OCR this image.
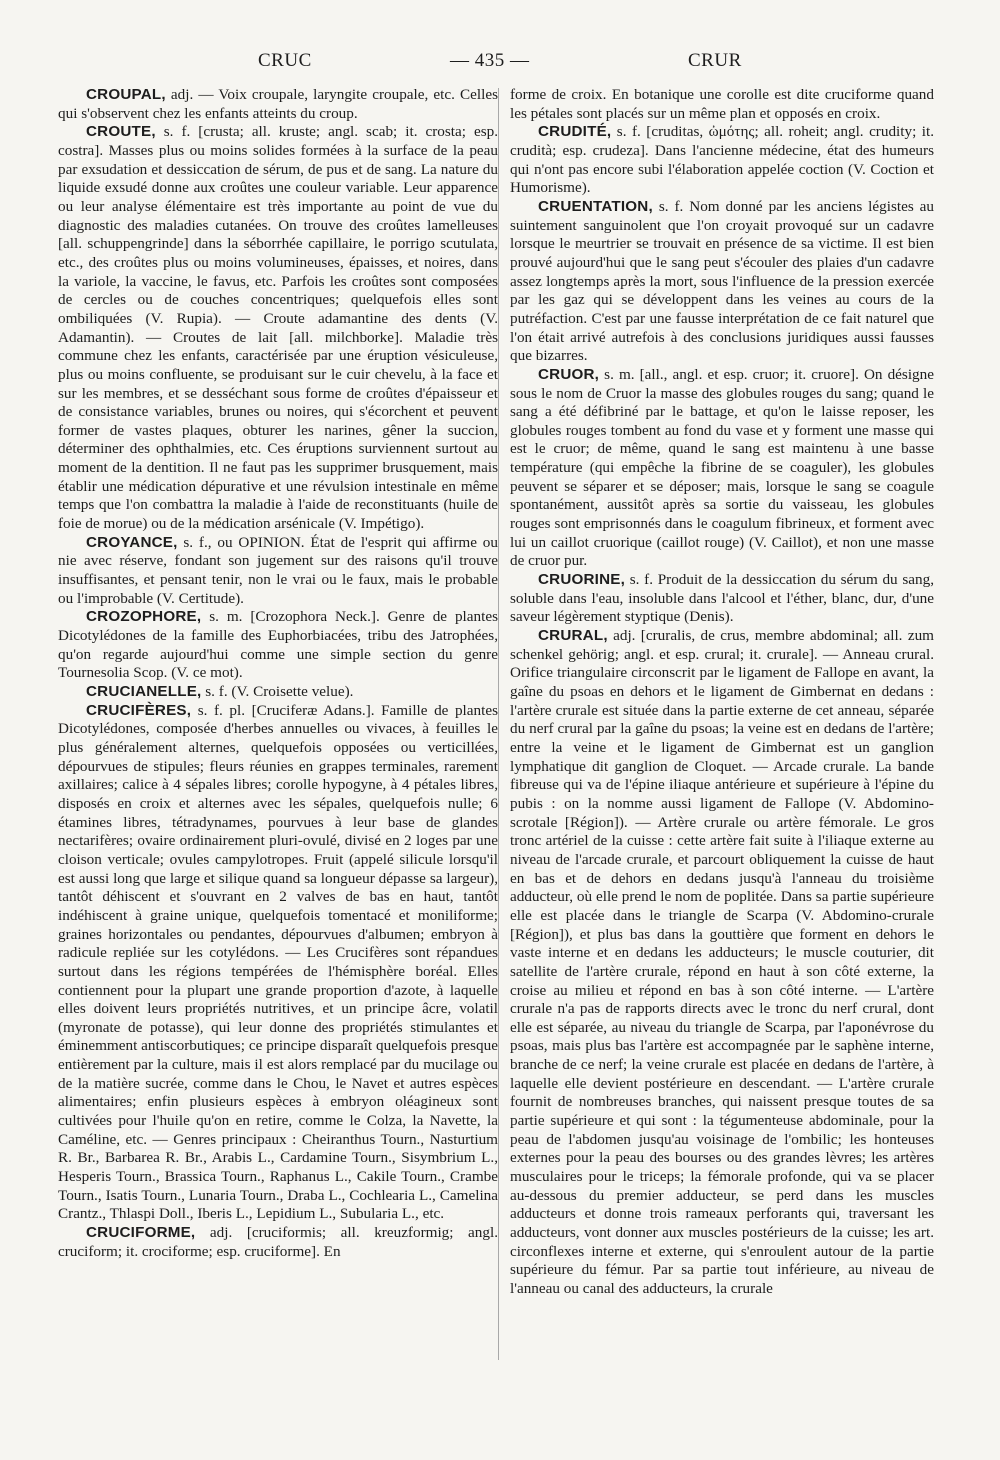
CRUC	— 435 —	CRUR

CROUPAL, adj. — Voix croupale, laryngite croupale, etc. Celles qui s'observent chez les enfants atteints du croup.

CROUTE, s. f. [crusta; all. kruste; angl. scab; it. crosta; esp. costra]. Masses plus ou moins solides formées à la surface de la peau par exsudation et dessiccation de sérum, de pus et de sang. La nature du liquide exsudé donne aux croûtes une couleur variable. Leur apparence ou leur analyse élémentaire est très importante au point de vue du diagnostic des maladies cutanées. On trouve des croûtes lamelleuses [all. schuppengrinde] dans la séborrhée capillaire, le porrigo scutulata, etc., des croûtes plus ou moins volumineuses, épaisses, et noires, dans la variole, la vaccine, le favus, etc. Parfois les croûtes sont composées de cercles ou de couches concentriques; quelquefois elles sont ombiliquées (V. Rupia). — Croute adamantine des dents (V. Adamantin). — Croutes de lait [all. milchborke]. Maladie très commune chez les enfants, caractérisée par une éruption vésiculeuse, plus ou moins confluente, se produisant sur le cuir chevelu, à la face et sur les membres, et se desséchant sous forme de croûtes d'épaisseur et de consistance variables, brunes ou noires, qui s'écorchent et peuvent former de vastes plaques, obturer les narines, gêner la succion, déterminer des ophthalmies, etc. Ces éruptions surviennent surtout au moment de la dentition. Il ne faut pas les supprimer brusquement, mais établir une médication dépurative et une révulsion intestinale en même temps que l'on combattra la maladie à l'aide de reconstituants (huile de foie de morue) ou de la médication arsénicale (V. Impétigo).

CROYANCE, s. f., ou OPINION. État de l'esprit qui affirme ou nie avec réserve, fondant son jugement sur des raisons qu'il trouve insuffisantes, et pensant tenir, non le vrai ou le faux, mais le probable ou l'improbable (V. Certitude).

CROZOPHORE, s. m. [Crozophora Neck.]. Genre de plantes Dicotylédones de la famille des Euphorbiacées, tribu des Jatrophées, qu'on regarde aujourd'hui comme une simple section du genre Tournesolia Scop. (V. ce mot).

CRUCIANELLE, s. f. (V. Croisette velue).

CRUCIFÈRES, s. f. pl. [Cruciferæ Adans.]. Famille de plantes Dicotylédones, composée d'herbes annuelles ou vivaces, à feuilles le plus généralement alternes, quelquefois opposées ou verticillées, dépourvues de stipules; fleurs réunies en grappes terminales, rarement axillaires; calice à 4 sépales libres; corolle hypogyne, à 4 pétales libres, disposés en croix et alternes avec les sépales, quelquefois nulle; 6 étamines libres, tétradynames, pourvues à leur base de glandes nectarifères; ovaire ordinairement pluri-ovulé, divisé en 2 loges par une cloison verticale; ovules campylotropes. Fruit (appelé silicule lorsqu'il est aussi long que large et silique quand sa longueur dépasse sa largeur), tantôt déhiscent et s'ouvrant en 2 valves de bas en haut, tantôt indéhiscent à graine unique, quelquefois tomentacé et moniliforme; graines horizontales ou pendantes, dépourvues d'albumen; embryon à radicule repliée sur les cotylédons. — Les Crucifères sont répandues surtout dans les régions tempérées de l'hémisphère boréal. Elles contiennent pour la plupart une grande proportion d'azote, à laquelle elles doivent leurs propriétés nutritives, et un principe âcre, volatil (myronate de potasse), qui leur donne des propriétés stimulantes et éminemment antiscorbutiques; ce principe disparaît quelquefois presque entièrement par la culture, mais il est alors remplacé par du mucilage ou de la matière sucrée, comme dans le Chou, le Navet et autres espèces alimentaires; enfin plusieurs espèces à embryon oléagineux sont cultivées pour l'huile qu'on en retire, comme le Colza, la Navette, la Caméline, etc. — Genres principaux : Cheiranthus Tourn., Nasturtium R. Br., Barbarea R. Br., Arabis L., Cardamine Tourn., Sisymbrium L., Hesperis Tourn., Brassica Tourn., Raphanus L., Cakile Tourn., Crambe Tourn., Isatis Tourn., Lunaria Tourn., Draba L., Cochlearia L., Camelina Crantz., Thlaspi Doll., Iberis L., Lepidium L., Subularia L., etc.

CRUCIFORME, adj. [cruciformis; all. kreuzformig; angl. cruciform; it. crociforme; esp. cruciforme]. En

forme de croix. En botanique une corolle est dite cruciforme quand les pétales sont placés sur un même plan et opposés en croix.

CRUDITÉ, s. f. [cruditas, ὠμότης; all. roheit; angl. crudity; it. crudità; esp. crudeza]. Dans l'ancienne médecine, état des humeurs qui n'ont pas encore subi l'élaboration appelée coction (V. Coction et Humorisme).

CRUENTATION, s. f. Nom donné par les anciens légistes au suintement sanguinolent que l'on croyait provoqué sur un cadavre lorsque le meurtrier se trouvait en présence de sa victime. Il est bien prouvé aujourd'hui que le sang peut s'écouler des plaies d'un cadavre assez longtemps après la mort, sous l'influence de la pression exercée par les gaz qui se développent dans les veines au cours de la putréfaction. C'est par une fausse interprétation de ce fait naturel que l'on était arrivé autrefois à des conclusions juridiques aussi fausses que bizarres.

CRUOR, s. m. [all., angl. et esp. cruor; it. cruore]. On désigne sous le nom de Cruor la masse des globules rouges du sang; quand le sang a été défibriné par le battage, et qu'on le laisse reposer, les globules rouges tombent au fond du vase et y forment une masse qui est le cruor; de même, quand le sang est maintenu à une basse température (qui empêche la fibrine de se coaguler), les globules peuvent se séparer et se déposer; mais, lorsque le sang se coagule spontanément, aussitôt après sa sortie du vaisseau, les globules rouges sont emprisonnés dans le coagulum fibrineux, et forment avec lui un caillot cruorique (caillot rouge) (V. Caillot), et non une masse de cruor pur.

CRUORINE, s. f. Produit de la dessiccation du sérum du sang, soluble dans l'eau, insoluble dans l'alcool et l'éther, blanc, dur, d'une saveur légèrement styptique (Denis).

CRURAL, adj. [cruralis, de crus, membre abdominal; all. zum schenkel gehörig; angl. et esp. crural; it. crurale]. — Anneau crural. Orifice triangulaire circonscrit par le ligament de Fallope en avant, la gaîne du psoas en dehors et le ligament de Gimbernat en dedans : l'artère crurale est située dans la partie externe de cet anneau, séparée du nerf crural par la gaîne du psoas; la veine est en dedans de l'artère; entre la veine et le ligament de Gimbernat est un ganglion lymphatique dit ganglion de Cloquet. — Arcade crurale. La bande fibreuse qui va de l'épine iliaque antérieure et supérieure à l'épine du pubis : on la nomme aussi ligament de Fallope (V. Abdomino-scrotale [Région]). — Artère crurale ou artère fémorale. Le gros tronc artériel de la cuisse : cette artère fait suite à l'iliaque externe au niveau de l'arcade crurale, et parcourt obliquement la cuisse de haut en bas et de dehors en dedans jusqu'à l'anneau du troisième adducteur, où elle prend le nom de poplitée. Dans sa partie supérieure elle est placée dans le triangle de Scarpa (V. Abdomino-crurale [Région]), et plus bas dans la gouttière que forment en dehors le vaste interne et en dedans les adducteurs; le muscle couturier, dit satellite de l'artère crurale, répond en haut à son côté externe, la croise au milieu et répond en bas à son côté interne. — L'artère crurale n'a pas de rapports directs avec le tronc du nerf crural, dont elle est séparée, au niveau du triangle de Scarpa, par l'aponévrose du psoas, mais plus bas l'artère est accompagnée par le saphène interne, branche de ce nerf; la veine crurale est placée en dedans de l'artère, à laquelle elle devient postérieure en descendant. — L'artère crurale fournit de nombreuses branches, qui naissent presque toutes de sa partie supérieure et qui sont : la tégumenteuse abdominale, pour la peau de l'abdomen jusqu'au voisinage de l'ombilic; les honteuses externes pour la peau des bourses ou des grandes lèvres; les artères musculaires pour le triceps; la fémorale profonde, qui va se placer au-dessous du premier adducteur, se perd dans les muscles adducteurs et donne trois rameaux perforants qui, traversant les adducteurs, vont donner aux muscles postérieurs de la cuisse; les art. circonflexes interne et externe, qui s'enroulent autour de la partie supérieure du fémur. Par sa partie tout inférieure, au niveau de l'anneau ou canal des adducteurs, la crurale
